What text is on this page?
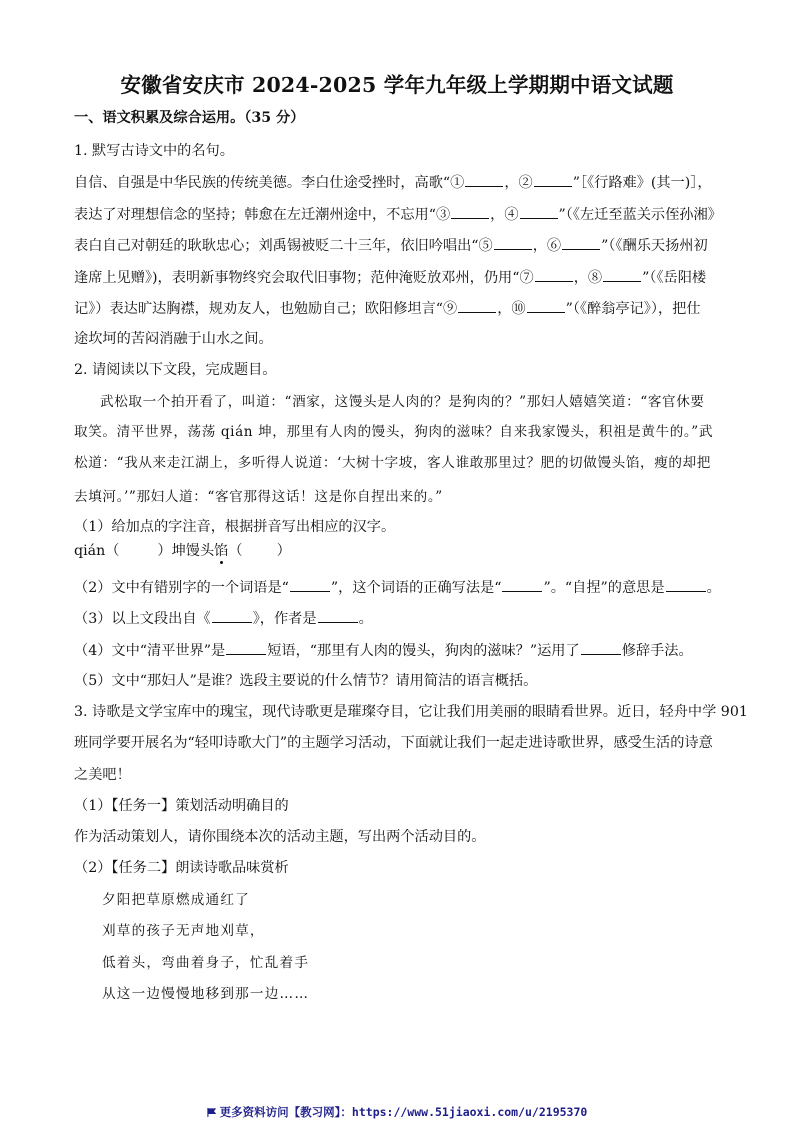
安徽省安庆市 2024-2025 学年九年级上学期期中语文试题
一、语文积累及综合运用。（35 分）
1. 默写古诗文中的名句。
自信、自强是中华民族的传统美德。李白仕途受挫时，高歌“①	，②	”［《行路难》(其一)］，
表达了对理想信念的坚持；韩愈在左迁潮州途中，不忘用“③	，④	”（《左迁至蓝关示侄孙湘》
表白自己对朝廷的耿耿忠心；刘禹锡被贬二十三年，依旧吟唱出“⑤	，⑥	”（《酬乐天扬州初
逢席上见赠》)，表明新事物终究会取代旧事物；范仲淹贬放邓州，仍用“⑦	，⑧	”（《岳阳楼
记》）表达旷达胸襟，规劝友人，也勉励自己；欧阳修坦言“⑨	，⑩	”（《醉翁亭记》），把仕
途坎坷的苦闷消融于山水之间。
2. 请阅读以下文段，完成题目。
武松取一个拍开看了，叫道：“酒家，这馒头是人肉的？是狗肉的？”那妇人嬉嬉笑道：“客官休要
取笑。清平世界，荡荡 qián 坤，那里有人肉的馒头，狗肉的滋味？自来我家馒头，积祖是黄牛的。”武
松道：“我从来走江湖上，多听得人说道：‘大树十字坡，客人谁敢那里过？肥的切做馒头馅，瘦的却把
去填河。’”那妇人道：“客官那得这话！这是你自捏出来的。”
（1）给加点的字注音，根据拼音写出相应的汉字。
qián（	）坤馒头馅（ ）
（2）文中有错别字的一个词语是“	”，这个词语的正确写法是“	”。“自捏”的意思是	。
（3）以上文段出自《	》，作者是	。
（4）文中“清平世界”是	短语，“那里有人肉的馒头，狗肉的滋味？”运用了	修辞手法。
（5）文中“那妇人”是谁？选段主要说的什么情节？请用简洁的语言概括。
3. 诗歌是文学宝库中的瑰宝，现代诗歌更是璀璨夺目，它让我们用美丽的眼睛看世界。近日，轻舟中学 901
班同学要开展名为“轻叩诗歌大门”的主题学习活动，下面就让我们一起走进诗歌世界，感受生活的诗意
之美吧！
（1）【任务一】策划活动明确目的
作为活动策划人，请你围绕本次的活动主题，写出两个活动目的。
（2）【任务二】朗读诗歌品味赏析
夕阳把草原燃成通红了
刈草的孩子无声地刈草，
低着头，弯曲着身子，忙乱着手
从这一边慢慢地移到那一边……
更多资料访问【教习网】：https://www.51jiaoxi.com/u/2195370
